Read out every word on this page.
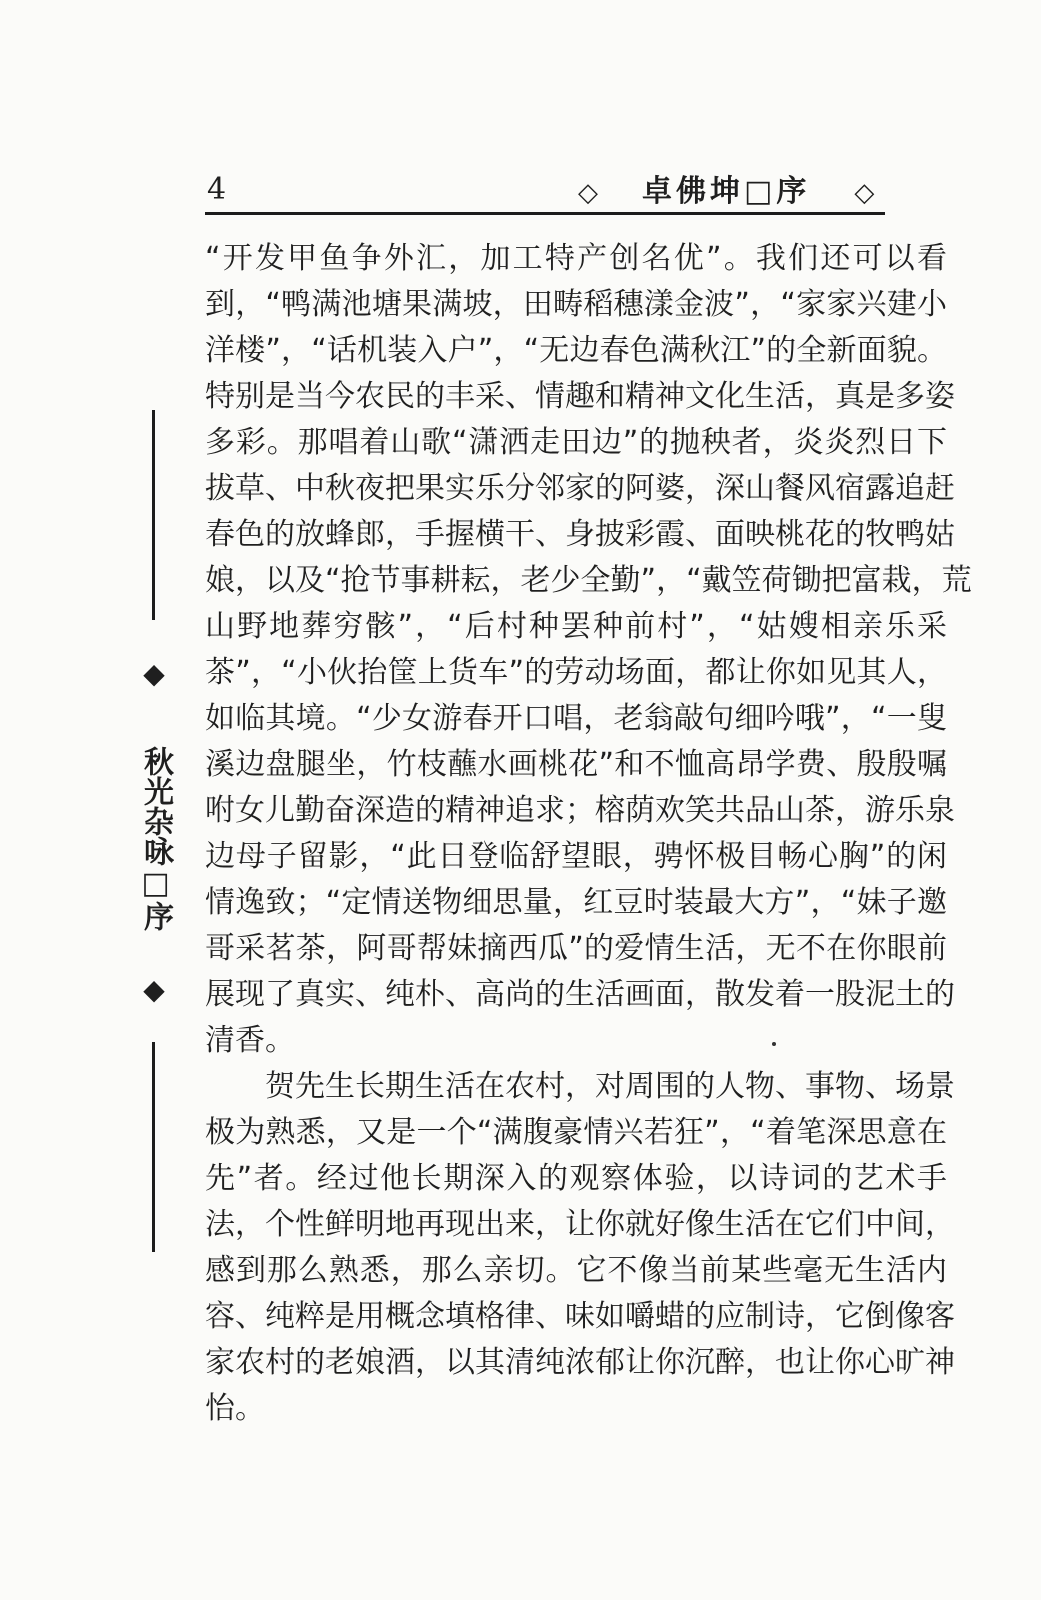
4	◇ 卓佛坤□序 ◇
◆
秋光杂咏□序
◆
“开发甲鱼争外汇，加工特产创名优”。我们还可以看
到，“鸭满池塘果满坡，田畴稻穗漾金波”，“家家兴建小
洋楼”，“话机装入户”，“无边春色满秋江”的全新面貌。
特别是当今农民的丰采、情趣和精神文化生活，真是多姿
多彩。那唱着山歌“潇洒走田边”的抛秧者，炎炎烈日下
拔草、中秋夜把果实乐分邻家的阿婆，深山餐风宿露追赶
春色的放蜂郎，手握横干、身披彩霞、面映桃花的牧鸭姑
娘，以及“抢节事耕耘，老少全勤”，“戴笠荷锄把富栽，荒
山野地葬穷骸”，“后村种罢种前村”，“姑嫂相亲乐采
茶”，“小伙抬筐上货车”的劳动场面，都让你如见其人，
如临其境。“少女游春开口唱，老翁敲句细吟哦”，“一叟
溪边盘腿坐，竹枝蘸水画桃花”和不恤高昂学费、殷殷嘱
咐女儿勤奋深造的精神追求；榕荫欢笑共品山茶，游乐泉
边母子留影，“此日登临舒望眼，骋怀极目畅心胸”的闲
情逸致；“定情送物细思量，红豆时装最大方”，“妹子邀
哥采茗茶，阿哥帮妹摘西瓜”的爱情生活，无不在你眼前
展现了真实、纯朴、高尚的生活画面，散发着一股泥土的
清香。
贺先生长期生活在农村，对周围的人物、事物、场景
极为熟悉，又是一个“满腹豪情兴若狂”，“着笔深思意在
先”者。经过他长期深入的观察体验，以诗词的艺术手
法，个性鲜明地再现出来，让你就好像生活在它们中间，
感到那么熟悉，那么亲切。它不像当前某些毫无生活内
容、纯粹是用概念填格律、味如嚼蜡的应制诗，它倒像客
家农村的老娘酒，以其清纯浓郁让你沉醉，也让你心旷神
怡。
